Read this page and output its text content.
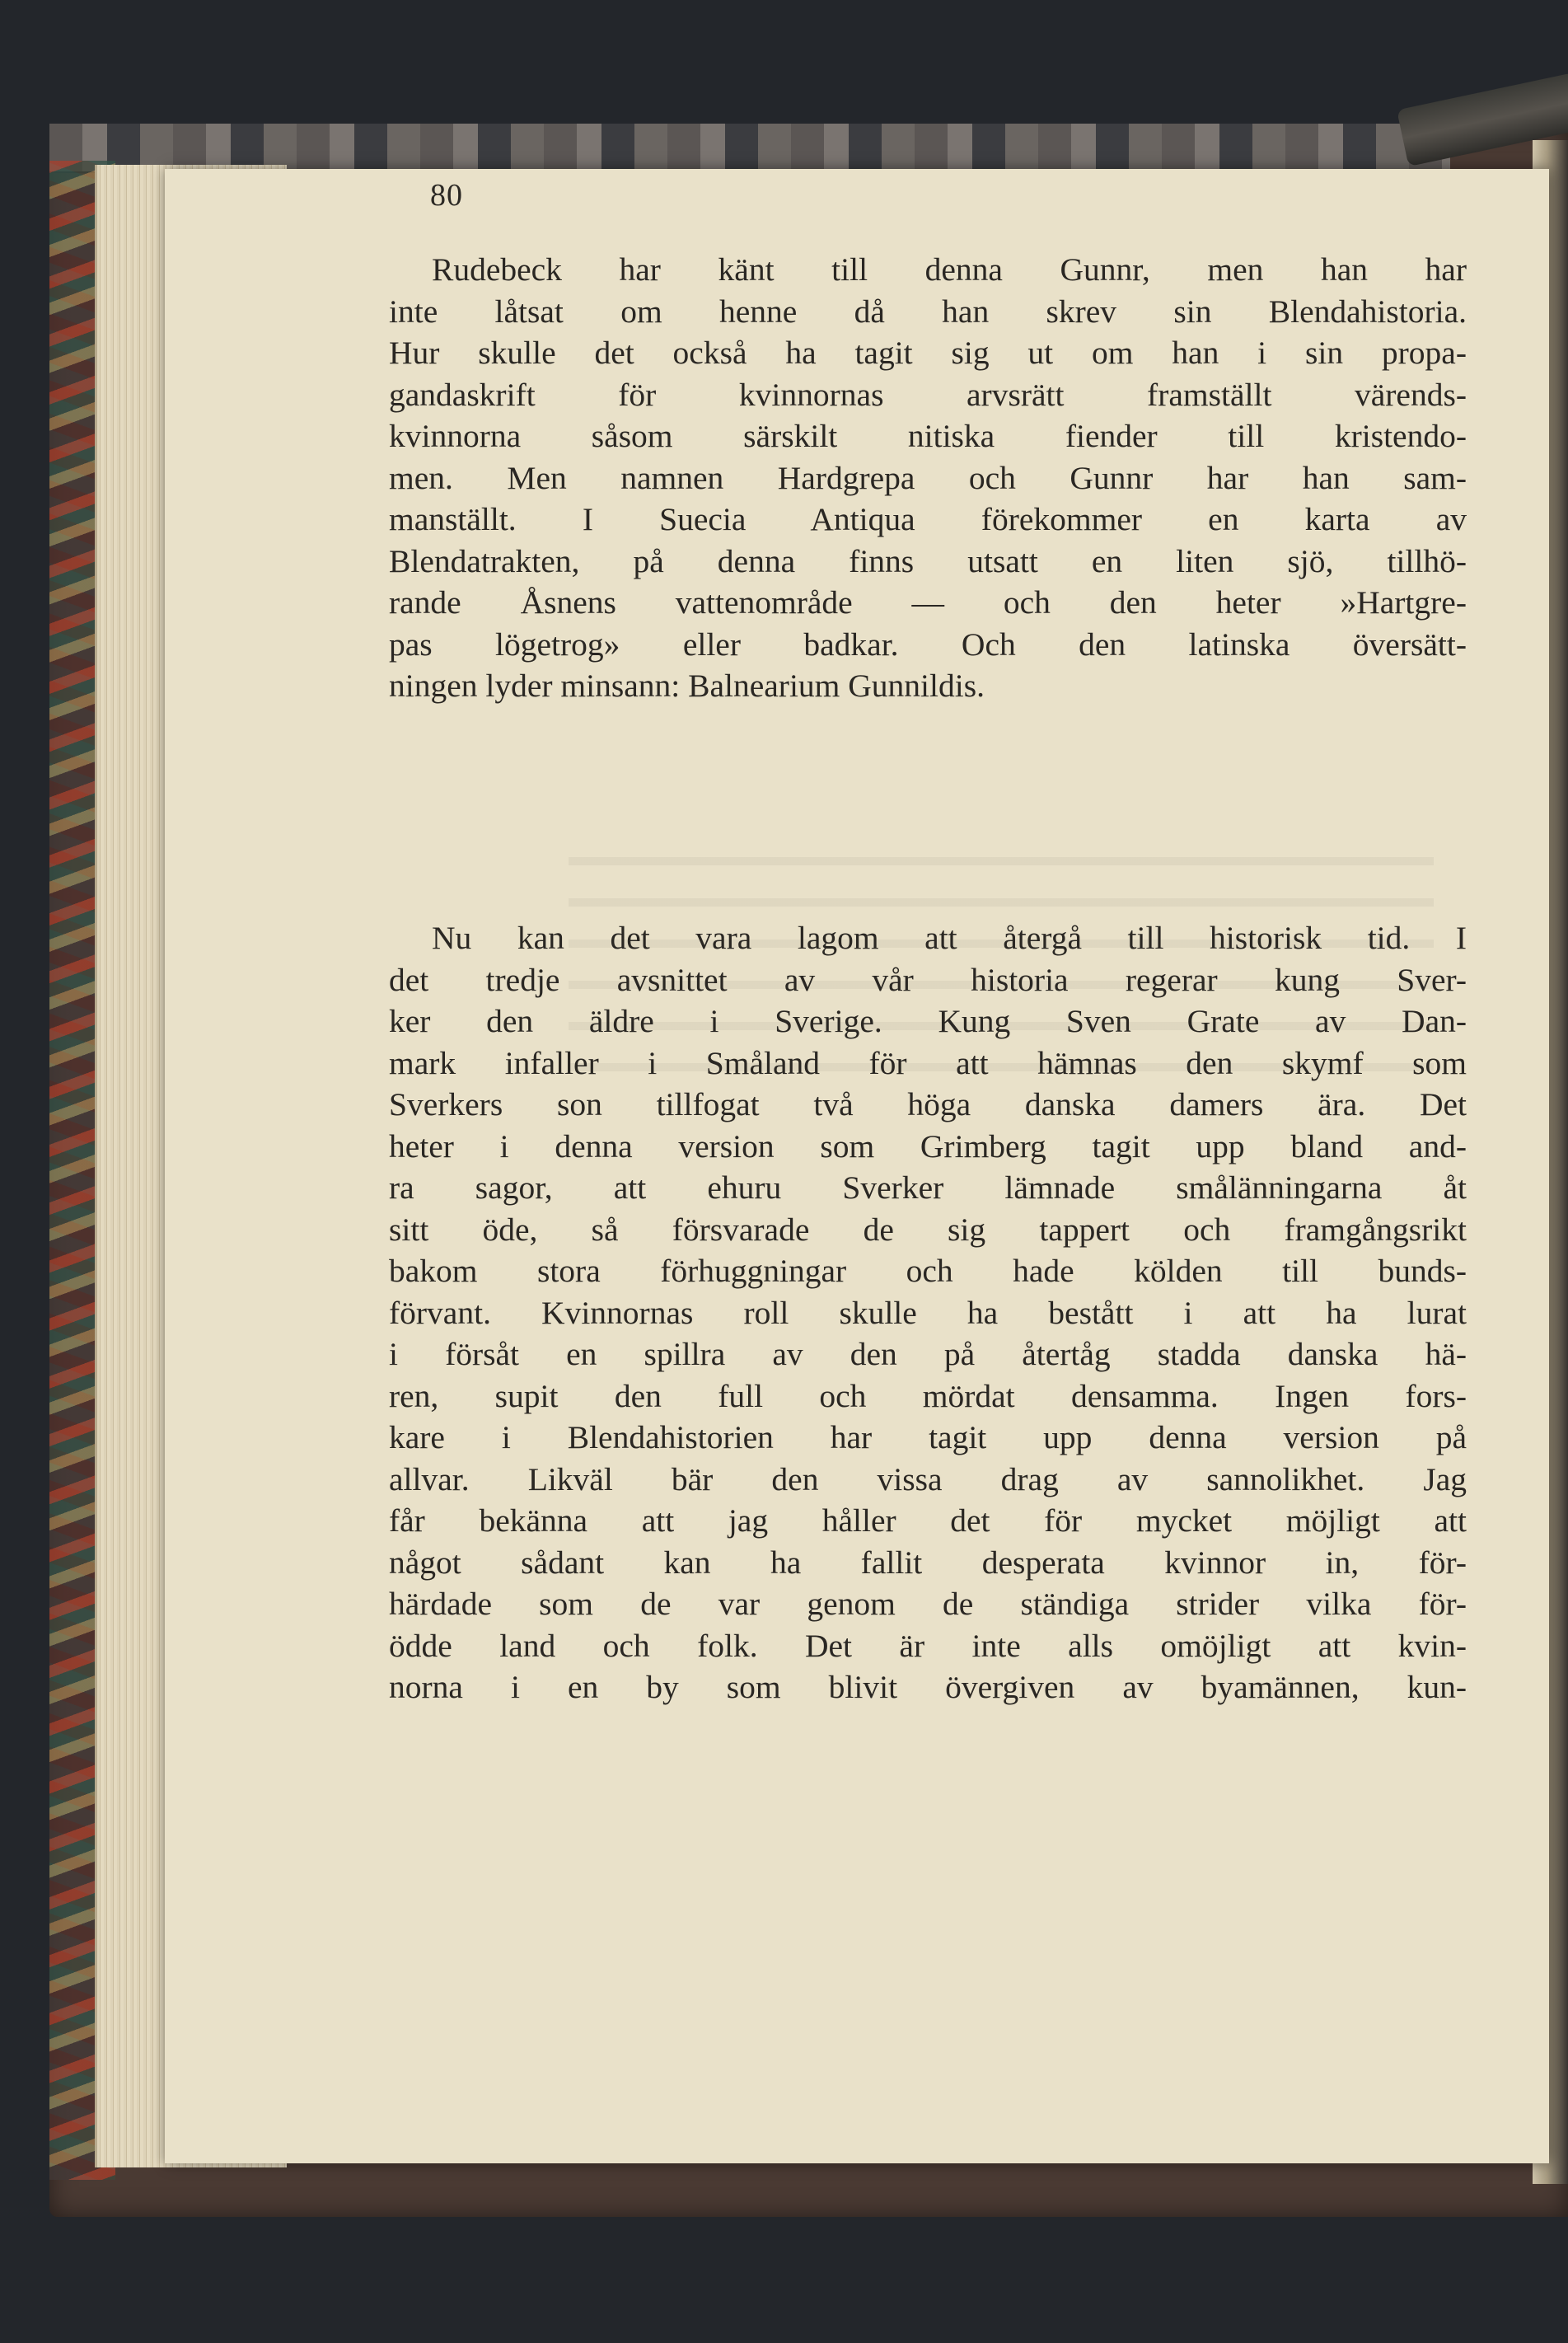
80
Rudebeck har känt till denna Gunnr, men han har
inte låtsat om henne då han skrev sin Blendahistoria.
Hur skulle det också ha tagit sig ut om han i sin propa-
gandaskrift för kvinnornas arvsrätt framställt värends-
kvinnorna såsom särskilt nitiska fiender till kristendo-
men. Men namnen Hardgrepa och Gunnr har han sam-
manställt. I Suecia Antiqua förekommer en karta av
Blendatrakten, på denna finns utsatt en liten sjö, tillhö-
rande Åsnens vattenområde — och den heter »Hartgre-
pas lögetrog» eller badkar. Och den latinska översätt-
ningen lyder minsann: Balnearium Gunnildis.
Nu kan det vara lagom att återgå till historisk tid. I
det tredje avsnittet av vår historia regerar kung Sver-
ker den äldre i Sverige. Kung Sven Grate av Dan-
mark infaller i Småland för att hämnas den skymf som
Sverkers son tillfogat två höga danska damers ära. Det
heter i denna version som Grimberg tagit upp bland and-
ra sagor, att ehuru Sverker lämnade smålänningarna åt
sitt öde, så försvarade de sig tappert och framgångsrikt
bakom stora förhuggningar och hade kölden till bunds-
förvant. Kvinnornas roll skulle ha bestått i att ha lurat
i försåt en spillra av den på återtåg stadda danska hä-
ren, supit den full och mördat densamma. Ingen fors-
kare i Blendahistorien har tagit upp denna version på
allvar. Likväl bär den vissa drag av sannolikhet. Jag
får bekänna att jag håller det för mycket möjligt att
något sådant kan ha fallit desperata kvinnor in, för-
härdade som de var genom de ständiga strider vilka för-
ödde land och folk. Det är inte alls omöjligt att kvin-
norna i en by som blivit övergiven av byamännen, kun-
